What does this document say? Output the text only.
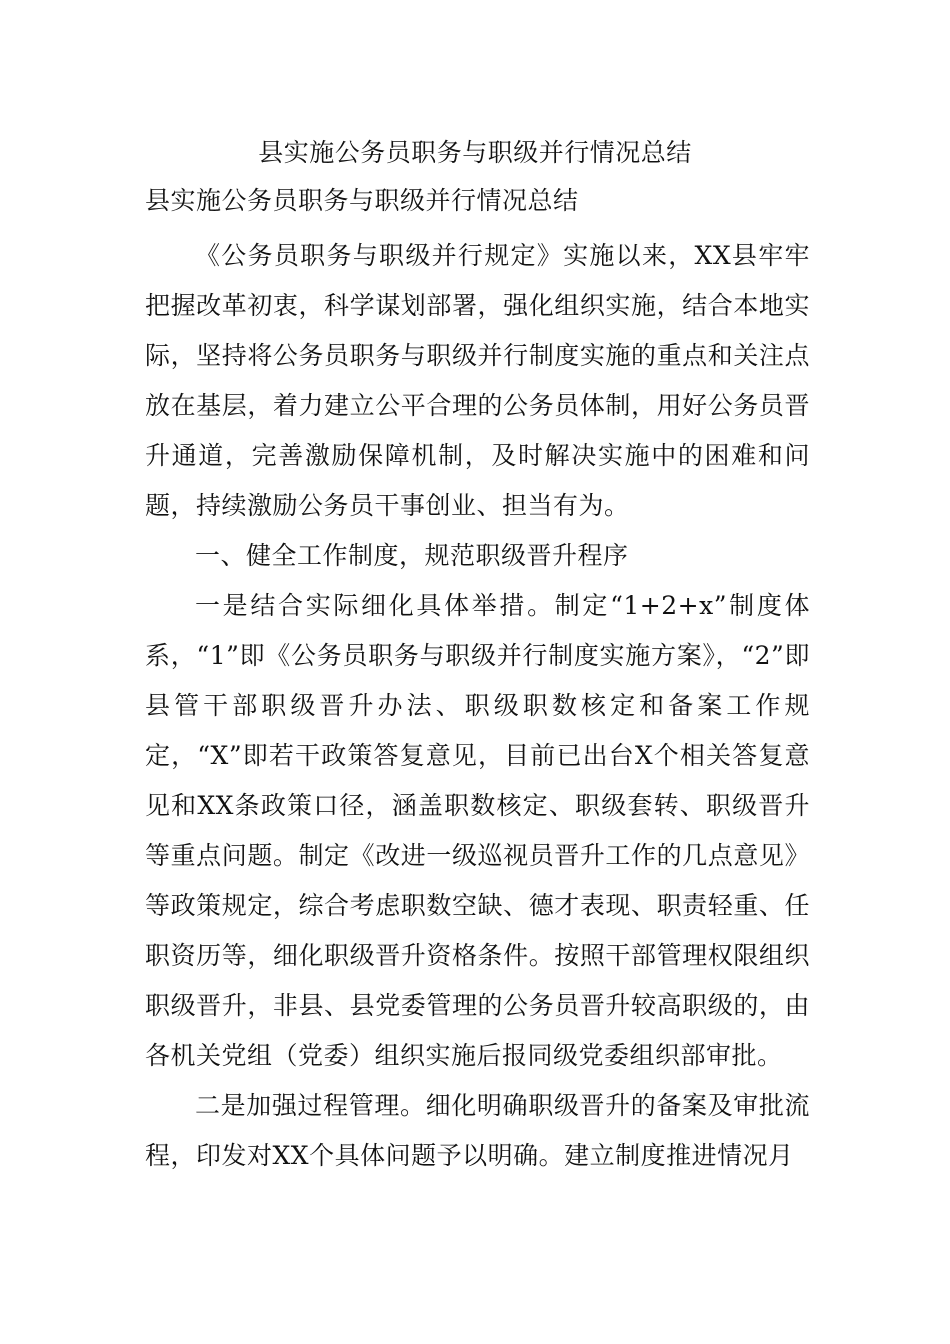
县实施公务员职务与职级并行情况总结
县实施公务员职务与职级并行情况总结

《公务员职务与职级并行规定》实施以来，XX县牢牢把握改革初衷，科学谋划部署，强化组织实施，结合本地实际，坚持将公务员职务与职级并行制度实施的重点和关注点放在基层，着力建立公平合理的公务员体制，用好公务员晋升通道，完善激励保障机制，及时解决实施中的困难和问题，持续激励公务员干事创业、担当有为。

一、健全工作制度，规范职级晋升程序

一是结合实际细化具体举措。制定“1+2+x”制度体系，“1”即《公务员职务与职级并行制度实施方案》，“2”即县管干部职级晋升办法、职级职数核定和备案工作规定，“X”即若干政策答复意见，目前已出台X个相关答复意见和XX条政策口径，涵盖职数核定、职级套转、职级晋升等重点问题。制定《改进一级巡视员晋升工作的几点意见》等政策规定，综合考虑职数空缺、德才表现、职责轻重、任职资历等，细化职级晋升资格条件。按照干部管理权限组织职级晋升，非县、县党委管理的公务员晋升较高职级的，由各机关党组（党委）组织实施后报同级党委组织部审批。

二是加强过程管理。细化明确职级晋升的备案及审批流程，印发对XX个具体问题予以明确。建立制度推进情况月
